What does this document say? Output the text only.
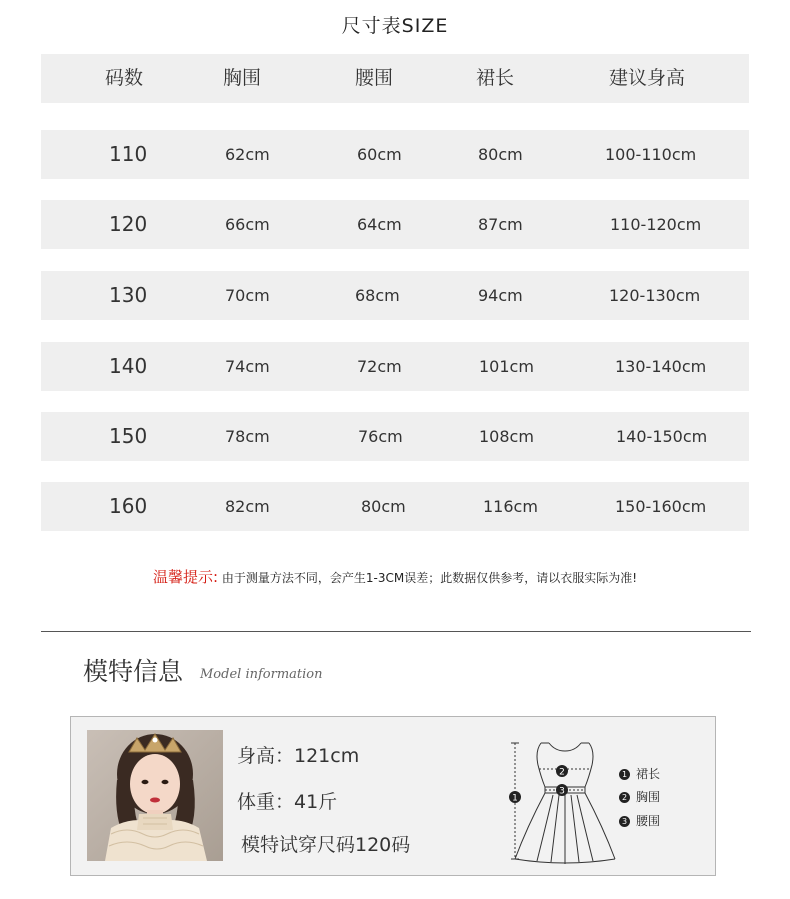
尺寸表SIZE
码数	胸围	腰围	裙长	建议身高
110	62cm	60cm	80cm	100-110cm
120	66cm	64cm	87cm	110-120cm
130	70cm	68cm	94cm	120-130cm
140	74cm	72cm	101cm	130-140cm
150	78cm	76cm	108cm	140-150cm
160	82cm	80cm	116cm	150-160cm
温馨提示: 由于测量方法不同，会产生1-3CM误差；此数据仅供参考，请以衣服实际为准!
模特信息 Model information
身高：121cm
体重：41斤
模特试穿尺码120码
1
2
3
1 裙长
2 胸围
3 腰围
